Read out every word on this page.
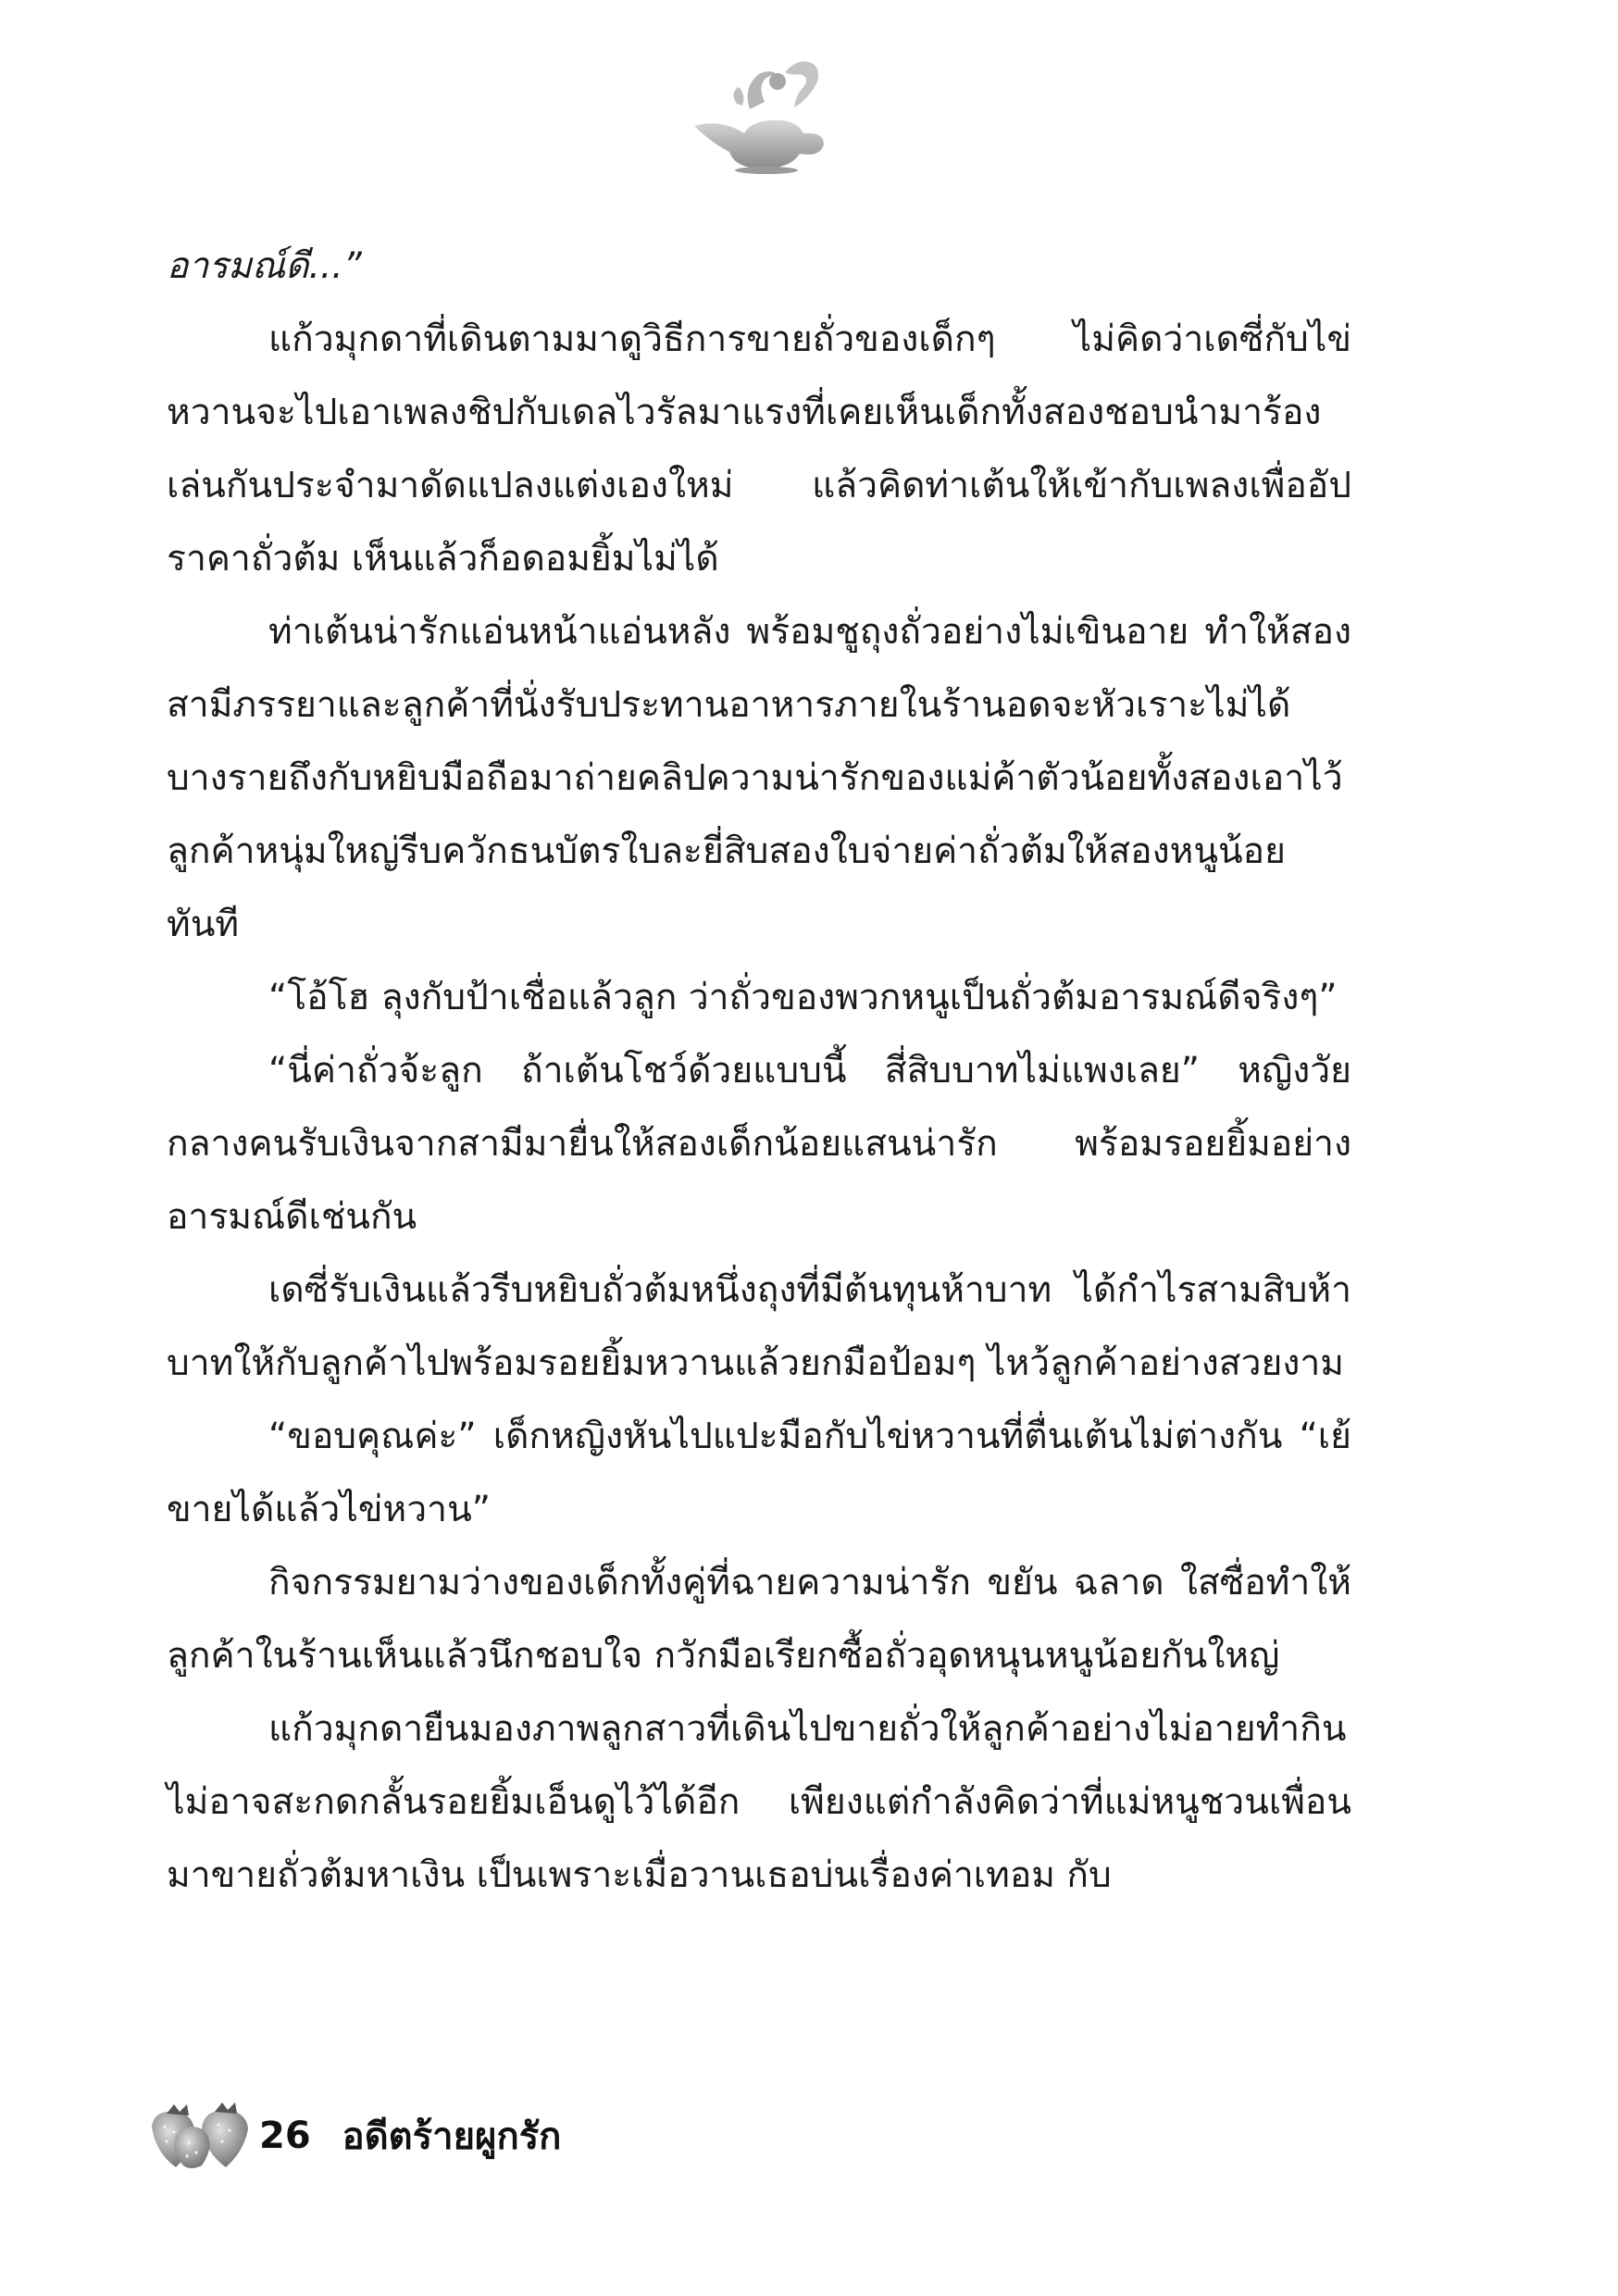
อารมณ์ดี...”

แก้วมุกดาที่เดินตามมาดูวิธีการขายถั่วของเด็กๆ ไม่คิดว่าเดซี่กับไข่หวานจะไปเอาเพลงชิปกับเดลไวรัลมาแรงที่เคยเห็นเด็กทั้งสองชอบนำมาร้องเล่นกันประจำมาดัดแปลงแต่งเองใหม่ แล้วคิดท่าเต้นให้เข้ากับเพลงเพื่ออัปราคาถั่วต้ม เห็นแล้วก็อดอมยิ้มไม่ได้

ท่าเต้นน่ารักแอ่นหน้าแอ่นหลัง พร้อมชูถุงถั่วอย่างไม่เขินอาย ทำให้สองสามีภรรยาและลูกค้าที่นั่งรับประทานอาหารภายในร้านอดจะหัวเราะไม่ได้ บางรายถึงกับหยิบมือถือมาถ่ายคลิปความน่ารักของแม่ค้าตัวน้อยทั้งสองเอาไว้ ลูกค้าหนุ่มใหญ่รีบควักธนบัตรใบละยี่สิบสองใบจ่ายค่าถั่วต้มให้สองหนูน้อยทันที

“โอ้โฮ ลุงกับป้าเชื่อแล้วลูก ว่าถั่วของพวกหนูเป็นถั่วต้มอารมณ์ดีจริงๆ”

“นี่ค่าถั่วจ้ะลูก ถ้าเต้นโชว์ด้วยแบบนี้ สี่สิบบาทไม่แพงเลย” หญิงวัยกลางคนรับเงินจากสามีมายื่นให้สองเด็กน้อยแสนน่ารัก พร้อมรอยยิ้มอย่างอารมณ์ดีเช่นกัน

เดซี่รับเงินแล้วรีบหยิบถั่วต้มหนึ่งถุงที่มีต้นทุนห้าบาท ได้กำไรสามสิบห้าบาทให้กับลูกค้าไปพร้อมรอยยิ้มหวานแล้วยกมือป้อมๆ ไหว้ลูกค้าอย่างสวยงาม

“ขอบคุณค่ะ” เด็กหญิงหันไปแปะมือกับไข่หวานที่ตื่นเต้นไม่ต่างกัน “เย้ ขายได้แล้วไข่หวาน”

กิจกรรมยามว่างของเด็กทั้งคู่ที่ฉายความน่ารัก ขยัน ฉลาด ใสซื่อทำให้ลูกค้าในร้านเห็นแล้วนึกชอบใจ กวักมือเรียกซื้อถั่วอุดหนุนหนูน้อยกันใหญ่

แก้วมุกดายืนมองภาพลูกสาวที่เดินไปขายถั่วให้ลูกค้าอย่างไม่อายทำกิน ไม่อาจสะกดกลั้นรอยยิ้มเอ็นดูไว้ได้อีก เพียงแต่กำลังคิดว่าที่แม่หนูชวนเพื่อนมาขายถั่วต้มหาเงิน เป็นเพราะเมื่อวานเธอบ่นเรื่องค่าเทอม กับ

26 อดีตร้ายผูกรัก
